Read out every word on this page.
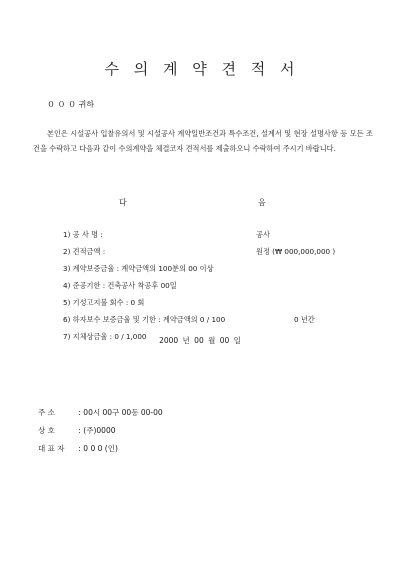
수 의 계 약 견 적 서
０ ０ ０ 귀하
본인은 시설공사 입찰유의서 및 시설공사 계약일반조건과 특수조건, 설계서 및 현장 설명사항 등 모든 조건을 수락하고 다음과 같이 수의계약을 체결코자 견적서를 제출하오니 수락하여 주시기 바랍니다.
다	음
1) 공 사 명 :	공사
2) 견적금액 :	원정 (₩ 000,000,000 )
3) 계약보증금율 : 계약금액의 100분의 00 이상
4) 준공기한 : 건축공사 착공후 00일
5) 기성고지불 회수 : 0 회
6) 하자보수 보증금율 및 기한 : 계약금액의 0 / 100	0 년간
7) 지체상금율 : 0 / 1,000	2000 년 00 월 00 일
주 소	: 00시 00구 00동 00-00
상 호	: (주)0000
대 표 자 : 0 0 0 (인)
